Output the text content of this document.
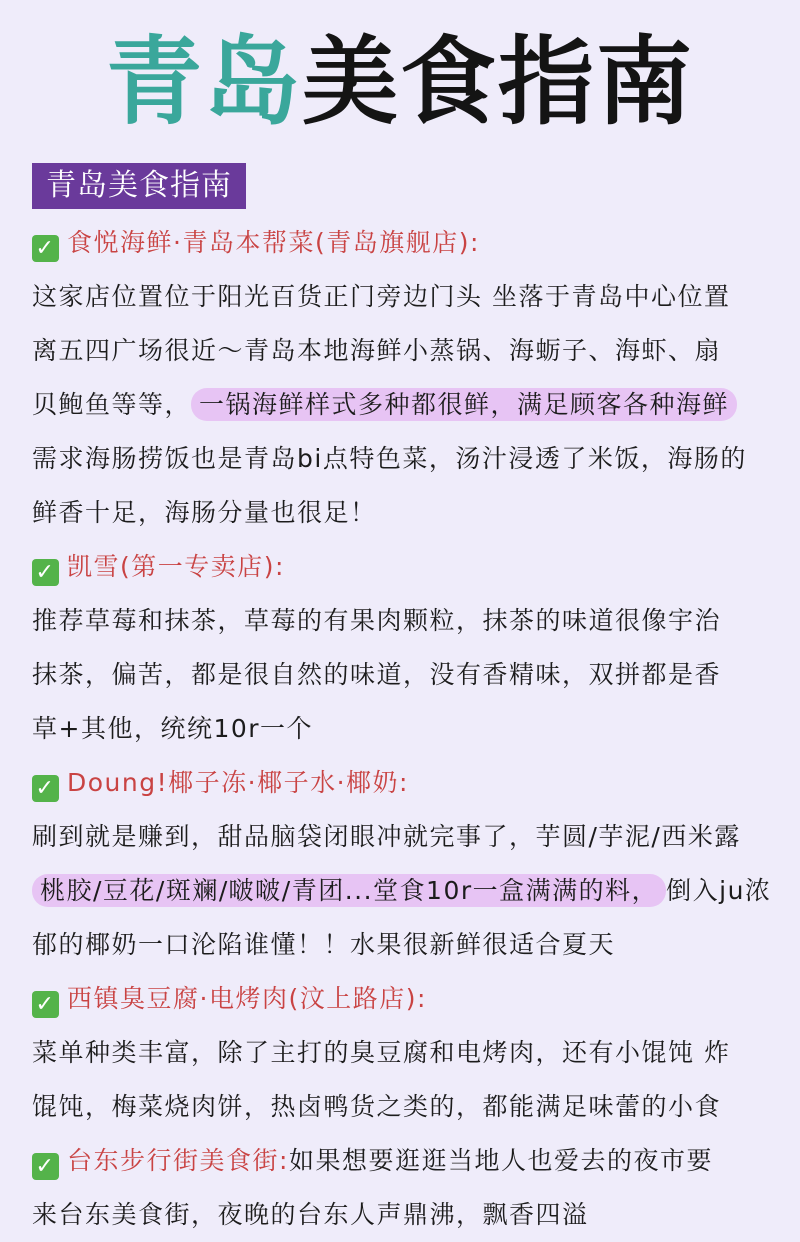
青岛美食指南
青岛美食指南
✓ 食悦海鲜·青岛本帮菜(青岛旗舰店):
这家店位置位于阳光百货正门旁边门头 坐落于青岛中心位置
离五四广场很近～青岛本地海鲜小蒸锅、海蛎子、海虾、扇
贝鲍鱼等等， 一锅海鲜样式多种都很鲜，满足顾客各种海鲜
需求海肠捞饭也是青岛bi点特色菜，汤汁浸透了米饭，海肠的
鲜香十足，海肠分量也很足！
✓ 凯雪(第一专卖店):
推荐草莓和抹茶，草莓的有果肉颗粒，抹茶的味道很像宇治
抹茶，偏苦，都是很自然的味道，没有香精味，双拼都是香
草+其他，统统10r一个
✓ Doung!椰子冻·椰子水·椰奶:
刷到就是赚到，甜品脑袋闭眼冲就完事了，芋圆/芋泥/西米露
桃胶/豆花/斑斓/啵啵/青团...堂食10r一盒满满的料， 倒入ju浓
郁的椰奶一口沦陷谁懂！！水果很新鲜很适合夏天
✓ 西镇臭豆腐·电烤肉(汶上路店):
菜单种类丰富，除了主打的臭豆腐和电烤肉，还有小馄饨 炸
馄饨，梅菜烧肉饼，热卤鸭货之类的，都能满足味蕾的小食
✓ 台东步行街美食街:如果想要逛逛当地人也爱去的夜市要
来台东美食街，夜晚的台东人声鼎沸，飘香四溢
